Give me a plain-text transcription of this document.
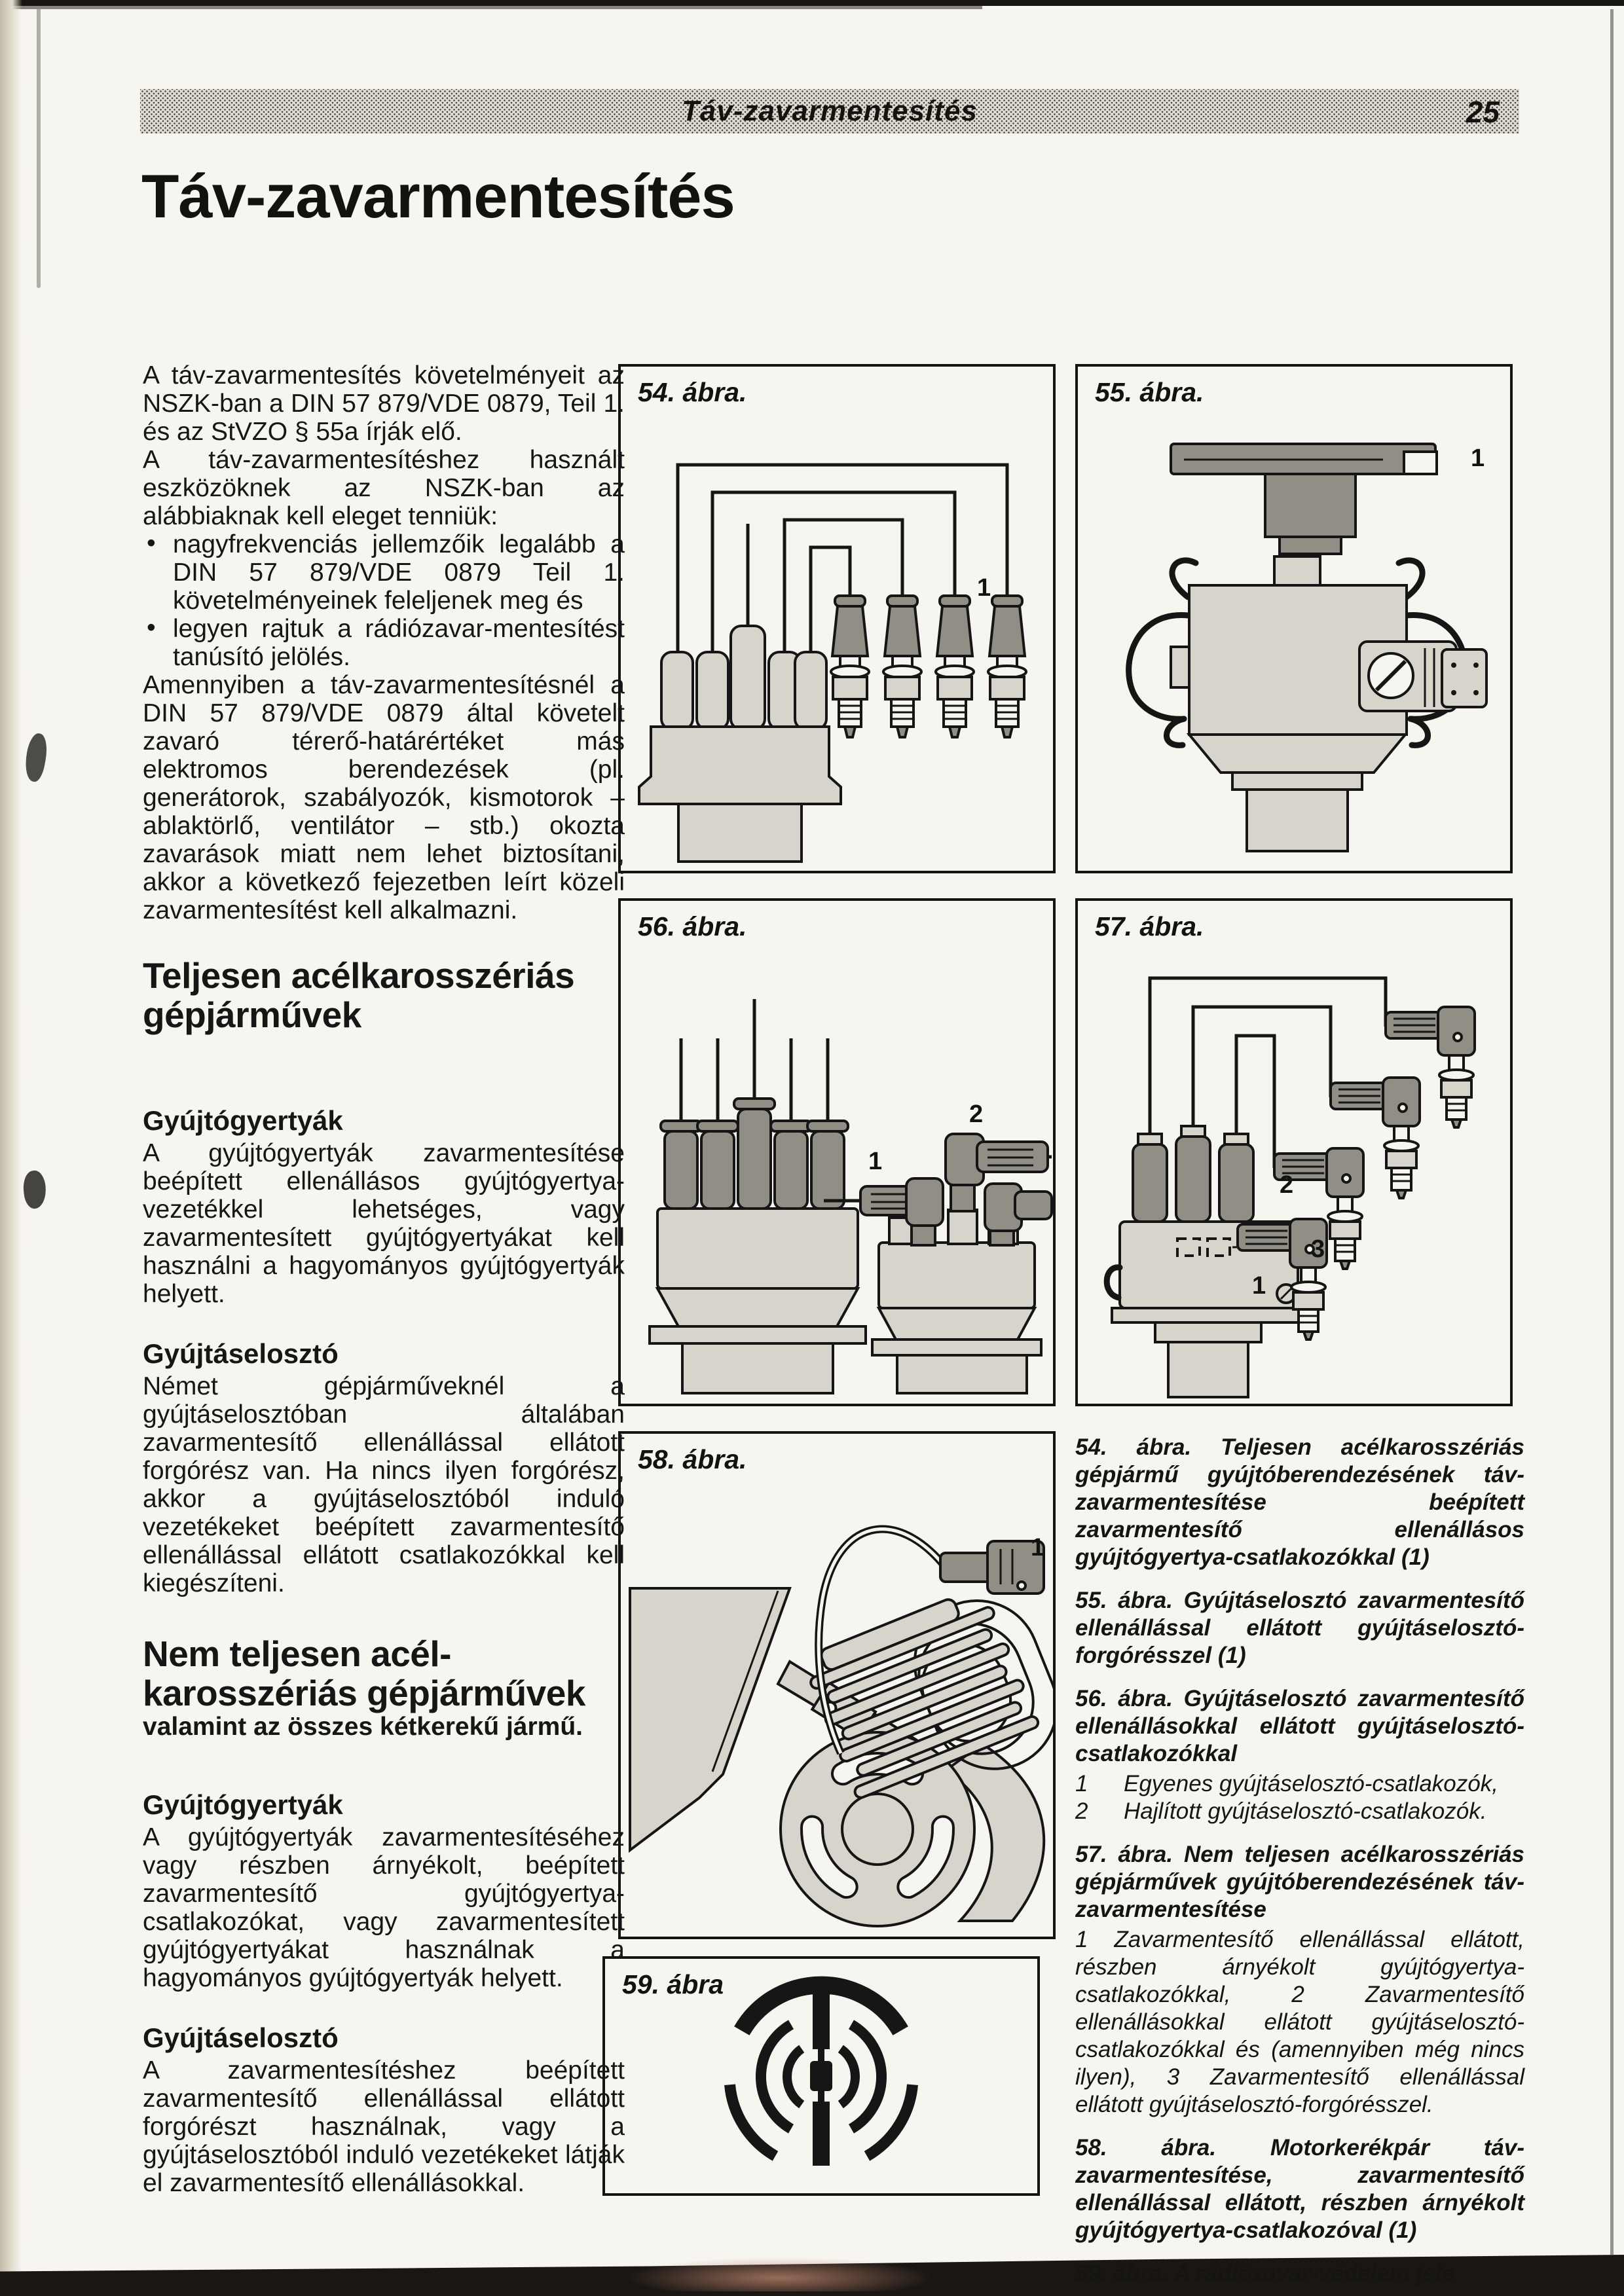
Táv-zavarmentesítés	25
Táv-zavarmentesítés

A táv-zavarmentesítés követelményeit az NSZK-ban a DIN 57 879/VDE 0879, Teil 1. és az StVZO § 55a írják elő.

A táv-zavarmentesítéshez használt eszközöknek az NSZK-ban az alábbiaknak kell eleget tenniük:

• nagyfrekvenciás jellemzőik legalább a DIN 57 879/VDE 0879 Teil 1. követelményeinek feleljenek meg és

• legyen rajtuk a rádiózavar-mentesítést tanúsító jelölés.

Amennyiben a táv-zavarmentesítésnél a DIN 57 879/VDE 0879 által követelt zavaró térerő-határértéket más elektromos berendezések (pl. generátorok, szabályozók, kismotorok – ablaktörlő, ventilátor – stb.) okozta zavarások miatt nem lehet biztosítani, akkor a következő fejezetben leírt közeli zavarmentesítést kell alkalmazni.

Teljesen acélkarosszériás gépjárművek
Gyújtógyertyák

A gyújtógyertyák zavarmentesítése beépített ellenállásos gyújtógyertya-vezetékkel lehetséges, vagy zavarmentesített gyújtógyertyákat kell használni a hagyományos gyújtógyertyák helyett.

Gyújtáselosztó

Német gépjárműveknél a gyújtáselosztóban általában zavarmentesítő ellenállással ellátott forgórész van. Ha nincs ilyen forgórész, akkor a gyújtáselosztóból induló vezetékeket beépített zavarmentesítő ellenállással ellátott csatlakozókkal kell kiegészíteni.

Nem teljesen acél-
karosszériás gépjárművek

valamint az összes kétkerekű jármű.

Gyújtógyertyák

A gyújtógyertyák zavarmentesítéséhez vagy részben árnyékolt, beépített zavarmentesítő gyújtógyertya-csatlakozókat, vagy zavarmentesített gyújtógyertyákat használnak a hagyományos gyújtógyertyák helyett.

Gyújtáselosztó

A zavarmentesítéshez beépített zavarmentesítő ellenállással ellátott forgórészt használnak, vagy a gyújtáselosztóból induló vezetékeket látják el zavarmentesítő ellenállásokkal.

1
54. ábra.
1
55. ábra.
1
2
56. ábra.
1
2
3
57. ábra.
1
58. ábra.
59. ábra

54. ábra. Teljesen acélkarosszériás gépjármű gyújtóberendezésének táv-zavarmentesítése beépített zavarmentesítő ellenállásos gyújtógyertya-csatlakozókkal (1)

55. ábra. Gyújtáselosztó zavarmentesítő ellenállással ellátott gyújtáselosztó-forgórésszel (1)

56. ábra. Gyújtáselosztó zavarmentesítő ellenállásokkal ellátott gyújtáselosztó-csatlakozókkal

1	Egyenes gyújtáselosztó-csatlakozók,
2	Hajlított gyújtáselosztó-csatlakozók.

57. ábra. Nem teljesen acélkarosszériás gépjárművek gyújtóberendezésének táv-zavarmentesítése

1 Zavarmentesítő ellenállással ellátott, részben árnyékolt gyújtógyertya-csatlakozókkal, 2 Zavarmentesítő ellenállásokkal ellátott gyújtáselosztó-csatlakozókkal és (amennyiben még nincs ilyen), 3 Zavarmentesítő ellenállással ellátott gyújtáselosztó-forgórésszel.

58. ábra. Motorkerékpár táv-zavarmentesítése, zavarmentesítő ellenállással ellátott, részben árnyékolt gyújtógyertya-csatlakozóval (1)

59. ábra. A rádiózavar-védelem jele
